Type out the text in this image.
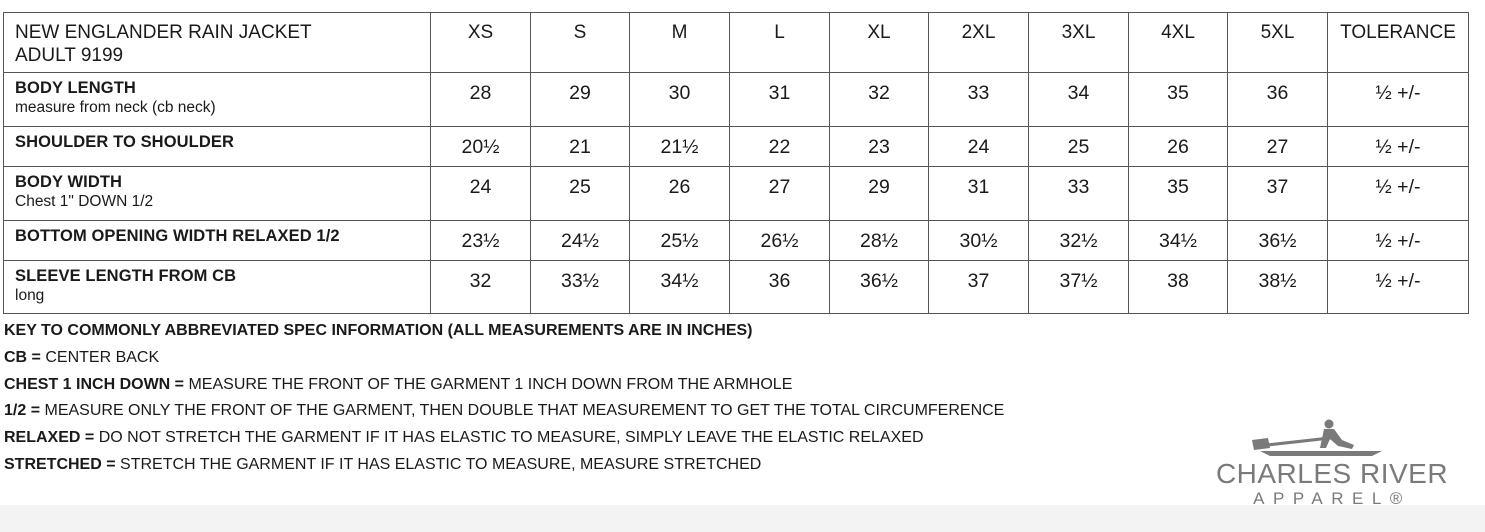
NEW ENGLANDER RAIN JACKET
ADULT 9199	XS	S	M	L	XL	2XL	3XL	4XL	5XL	TOLERANCE

BODY LENGTH
measure from neck (cb neck)	28	29	30	31	32	33	34	35	36	½ +/-

SHOULDER TO SHOULDER	20½	21	21½	22	23	24	25	26	27	½ +/-

BODY WIDTH
Chest 1" DOWN 1/2	24	25	26	27	29	31	33	35	37	½ +/-

BOTTOM OPENING WIDTH RELAXED 1/2	23½	24½	25½	26½	28½	30½	32½	34½	36½	½ +/-

SLEEVE LENGTH FROM CB
long	32	33½	34½	36	36½	37	37½	38	38½	½ +/-
KEY TO COMMONLY ABBREVIATED SPEC INFORMATION (ALL MEASUREMENTS ARE IN INCHES)
CB = CENTER BACK
CHEST 1 INCH DOWN = MEASURE THE FRONT OF THE GARMENT 1 INCH DOWN FROM THE ARMHOLE
1/2 = MEASURE ONLY THE FRONT OF THE GARMENT, THEN DOUBLE THAT MEASUREMENT TO GET THE TOTAL CIRCUMFERENCE
RELAXED = DO NOT STRETCH THE GARMENT IF IT HAS ELASTIC TO MEASURE, SIMPLY LEAVE THE ELASTIC RELAXED
STRETCHED = STRETCH THE GARMENT IF IT HAS ELASTIC TO MEASURE, MEASURE STRETCHED	CHARLES RIVER
APPAREL®
